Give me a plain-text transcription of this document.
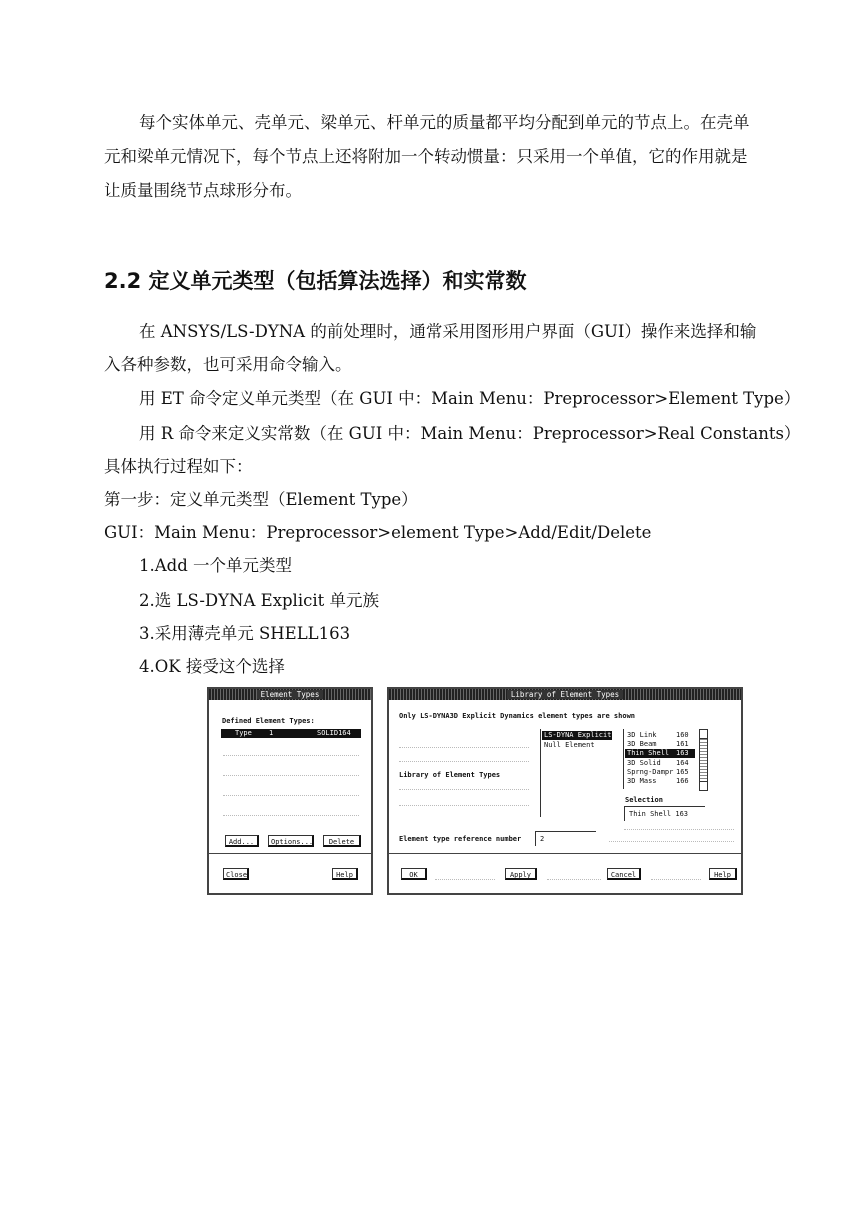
每个实体单元、壳单元、梁单元、杆单元的质量都平均分配到单元的节点上。在壳单
元和梁单元情况下，每个节点上还将附加一个转动惯量：只采用一个单值，它的作用就是
让质量围绕节点球形分布。
2.2 定义单元类型（包括算法选择）和实常数
在 ANSYS/LS-DYNA 的前处理时，通常采用图形用户界面（GUI）操作来选择和输
入各种参数，也可采用命令输入。
用 ET 命令定义单元类型（在 GUI 中：Main Menu：Preprocessor>Element Type）
用 R 命令来定义实常数（在 GUI 中：Main Menu：Preprocessor>Real Constants）
具体执行过程如下：
第一步：定义单元类型（Element Type）
GUI：Main Menu：Preprocessor>element Type>Add/Edit/Delete
1.Add 一个单元类型
2.选 LS-DYNA Explicit 单元族
3.采用薄壳单元 SHELL163
4.OK 接受这个选择
Element Types
Defined Element Types:
Type 1	SOLID164
Add...	Options...	Delete
Close	Help
Library of Element Types
Only LS-DYNA3D Explicit Dynamics element types are shown
Library of Element Types
LS-DYNA Explicit
Null Element
3D Link	160
3D Beam	161
Thin Shell 163
3D Solid 164
Sprng-Dampr 165
3D Mass	166
Selection
Thin Shell 163
Element type reference number	2
OK	Apply	Cancel	Help
